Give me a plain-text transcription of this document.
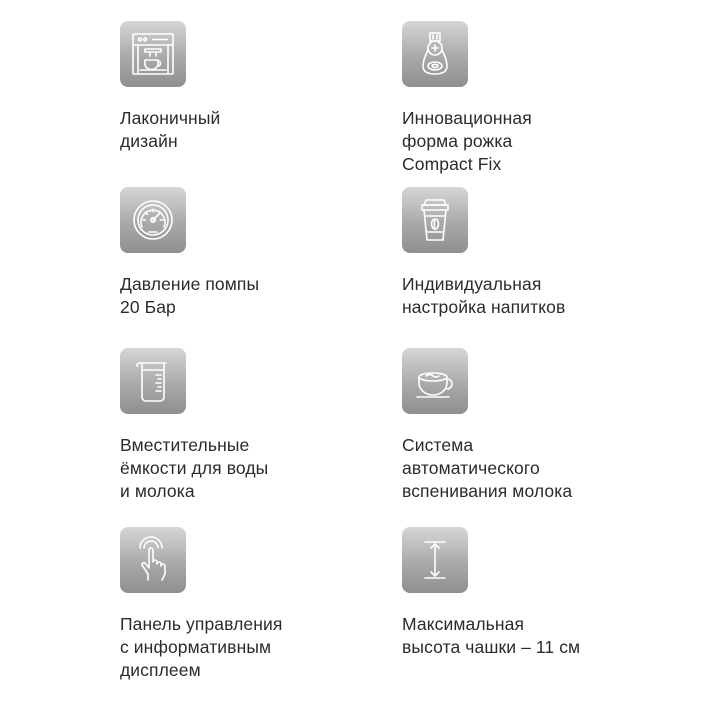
Лаконичный
дизайн
Инновационная
форма рожка
Compact Fix
Давление помпы
20 Бар
Индивидуальная
настройка напитков
Вместительные
ёмкости для воды
и молока
Система
автоматического
вспенивания молока
Панель управления
с информативным
дисплеем
Максимальная
высота чашки – 11 см
